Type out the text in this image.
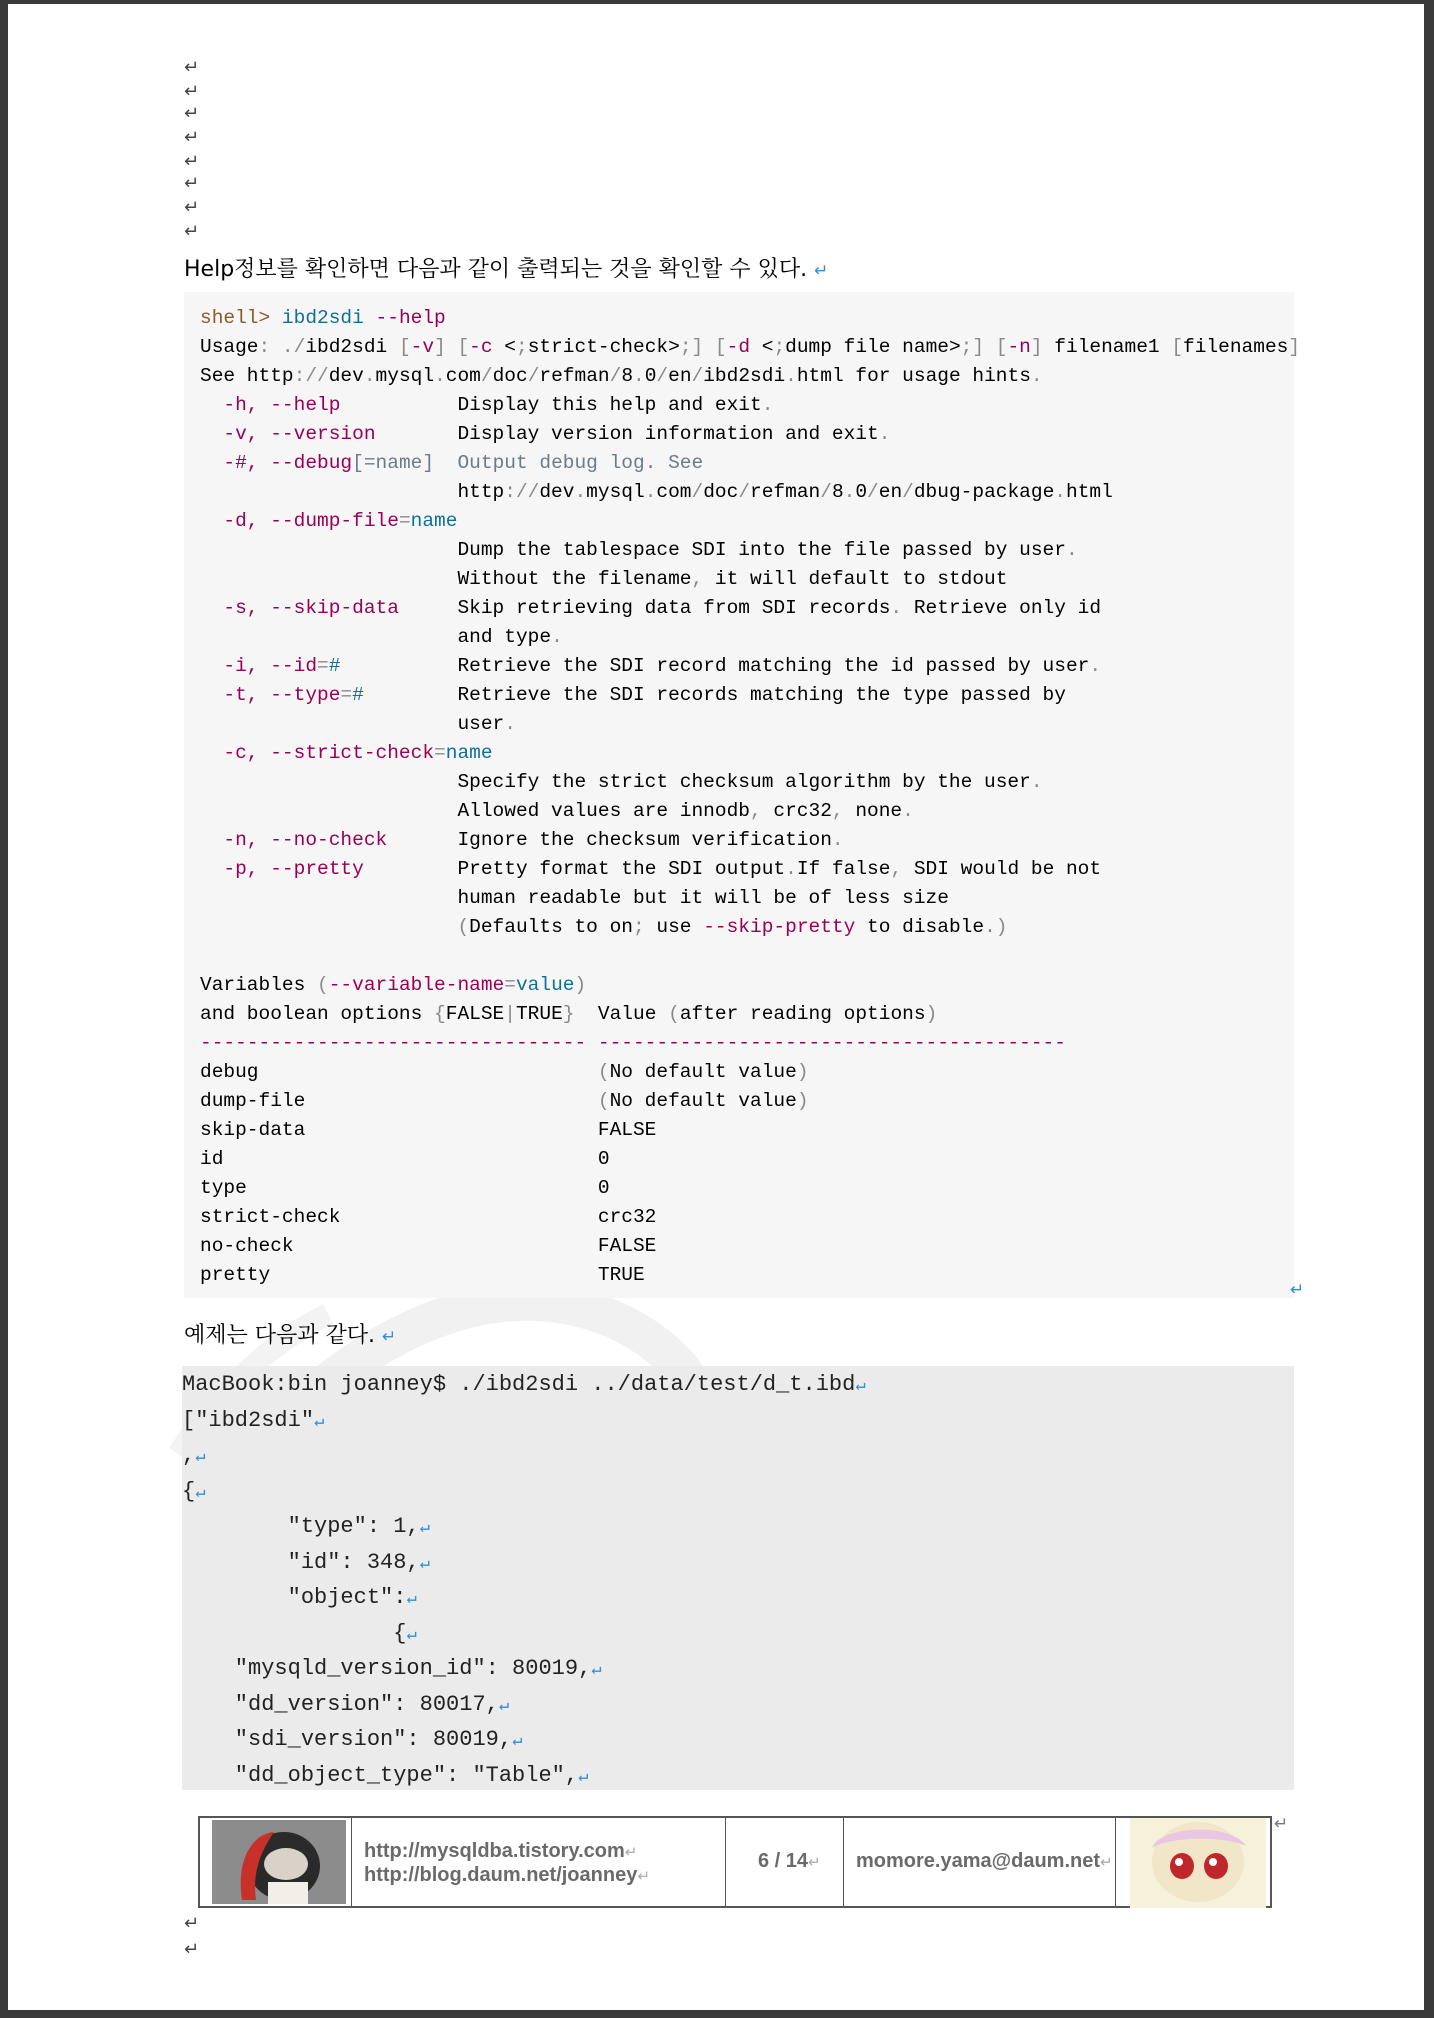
Help정보를 확인하면 다음과 같이 출력되는 것을 확인할 수 있다. ↵
shell> ibd2sdi --help
Usage: ./ibd2sdi [-v] [-c <;strict-check>;] [-d <;dump file name>;] [-n] filename1 [filenames]
See http://dev.mysql.com/doc/refman/8.0/en/ibd2sdi.html for usage hints.
-h, --help          Display this help and exit.
-v, --version       Display version information and exit.
-#, --debug[=name]  Output debug log. See
http://dev.mysql.com/doc/refman/8.0/en/dbug-package.html
-d, --dump-file=name
Dump the tablespace SDI into the file passed by user.
Without the filename, it will default to stdout
-s, --skip-data     Skip retrieving data from SDI records. Retrieve only id
and type.
-i, --id=#          Retrieve the SDI record matching the id passed by user.
-t, --type=#        Retrieve the SDI records matching the type passed by
user.
-c, --strict-check=name
Specify the strict checksum algorithm by the user.
Allowed values are innodb, crc32, none.
-n, --no-check      Ignore the checksum verification.
-p, --pretty        Pretty format the SDI output.If false, SDI would be not
human readable but it will be of less size
(Defaults to on; use --skip-pretty to disable.)

Variables (--variable-name=value)
and boolean options {FALSE|TRUE}  Value (after reading options)
--------------------------------- ----------------------------------------
debug                             (No default value)
dump-file                         (No default value)
skip-data                         FALSE
id                                0
type                              0
strict-check                      crc32
no-check                          FALSE
pretty                            TRUE
↵
예제는 다음과 같다. ↵
MacBook:bin joanney$ ./ibd2sdi ../data/test/d_t.ibd↵
["ibd2sdi"↵
,↵
{↵
"type": 1,↵
"id": 348,↵
"object":↵
{↵
"mysqld_version_id": 80019,↵
"dd_version": 80017,↵
"sdi_version": 80019,↵
"dd_object_type": "Table",↵
http://mysqldba.tistory.com↵
http://blog.daum.net/joanney↵
6 / 14↵ momore.yama@daum.net↵
↵
↵
↵
↵
↵
↵
↵
↵
↵
↵
↵
